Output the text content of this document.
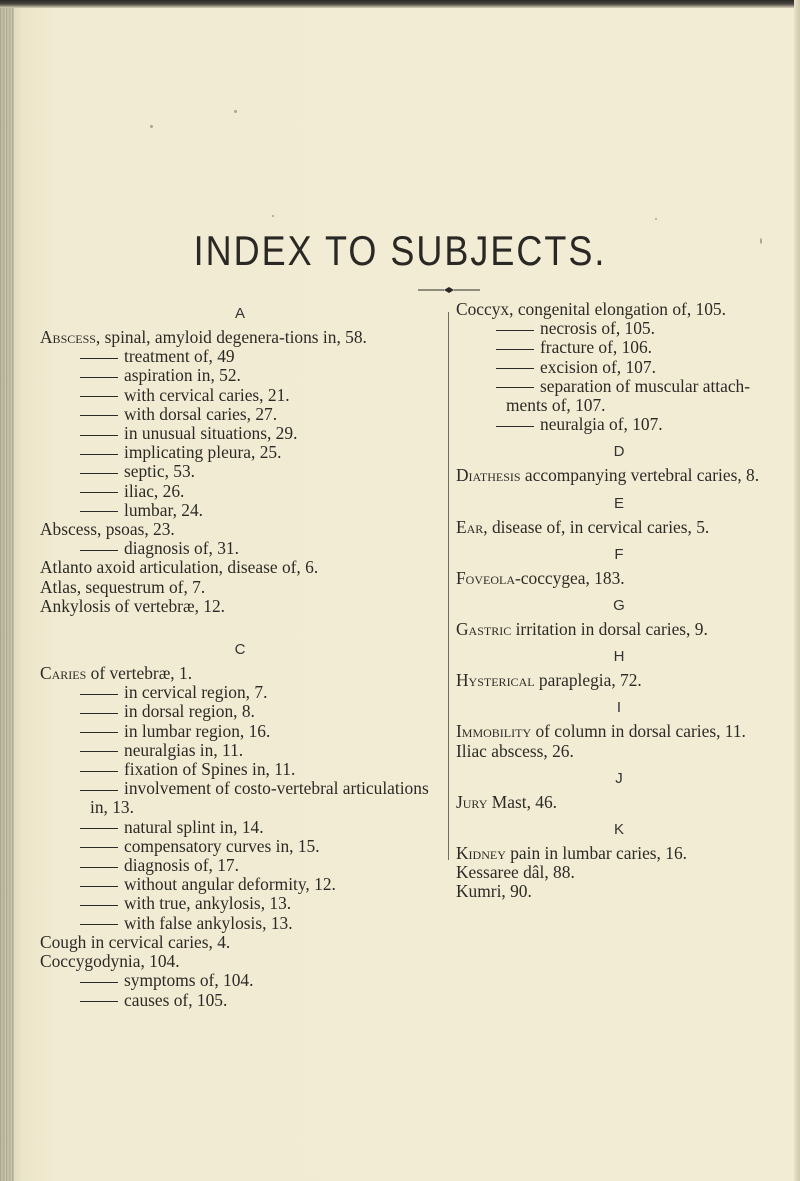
INDEX TO SUBJECTS.
A
Abscess, spinal, amyloid degenera-tions in, 58.
treatment of, 49
aspiration in, 52.
with cervical caries, 21.
with dorsal caries, 27.
in unusual situations, 29.
implicating pleura, 25.
septic, 53.
iliac, 26.
lumbar, 24.
Abscess, psoas, 23.
diagnosis of, 31.
Atlanto axoid articulation, disease of, 6.
Atlas, sequestrum of, 7.
Ankylosis of vertebræ, 12.
C
Caries of vertebræ, 1.
in cervical region, 7.
in dorsal region, 8.
in lumbar region, 16.
neuralgias in, 11.
fixation of Spines in, 11.
involvement of costo-vertebral articulations in, 13.
natural splint in, 14.
compensatory curves in, 15.
diagnosis of, 17.
without angular deformity, 12.
with true, ankylosis, 13.
with false ankylosis, 13.
Cough in cervical caries, 4.
Coccygodynia, 104.
symptoms of, 104.
causes of, 105.
Coccyx, congenital elongation of, 105.
necrosis of, 105.
fracture of, 106.
excision of, 107.
separation of muscular attach-ments of, 107.
neuralgia of, 107.
D
Diathesis accompanying vertebral caries, 8.
E
Ear, disease of, in cervical caries, 5.
F
Foveola-coccygea, 183.
G
Gastric irritation in dorsal caries, 9.
H
Hysterical paraplegia, 72.
I
Immobility of column in dorsal caries, 11.
Iliac abscess, 26.
J
Jury Mast, 46.
K
Kidney pain in lumbar caries, 16.
Kessaree dâl, 88.
Kumri, 90.
